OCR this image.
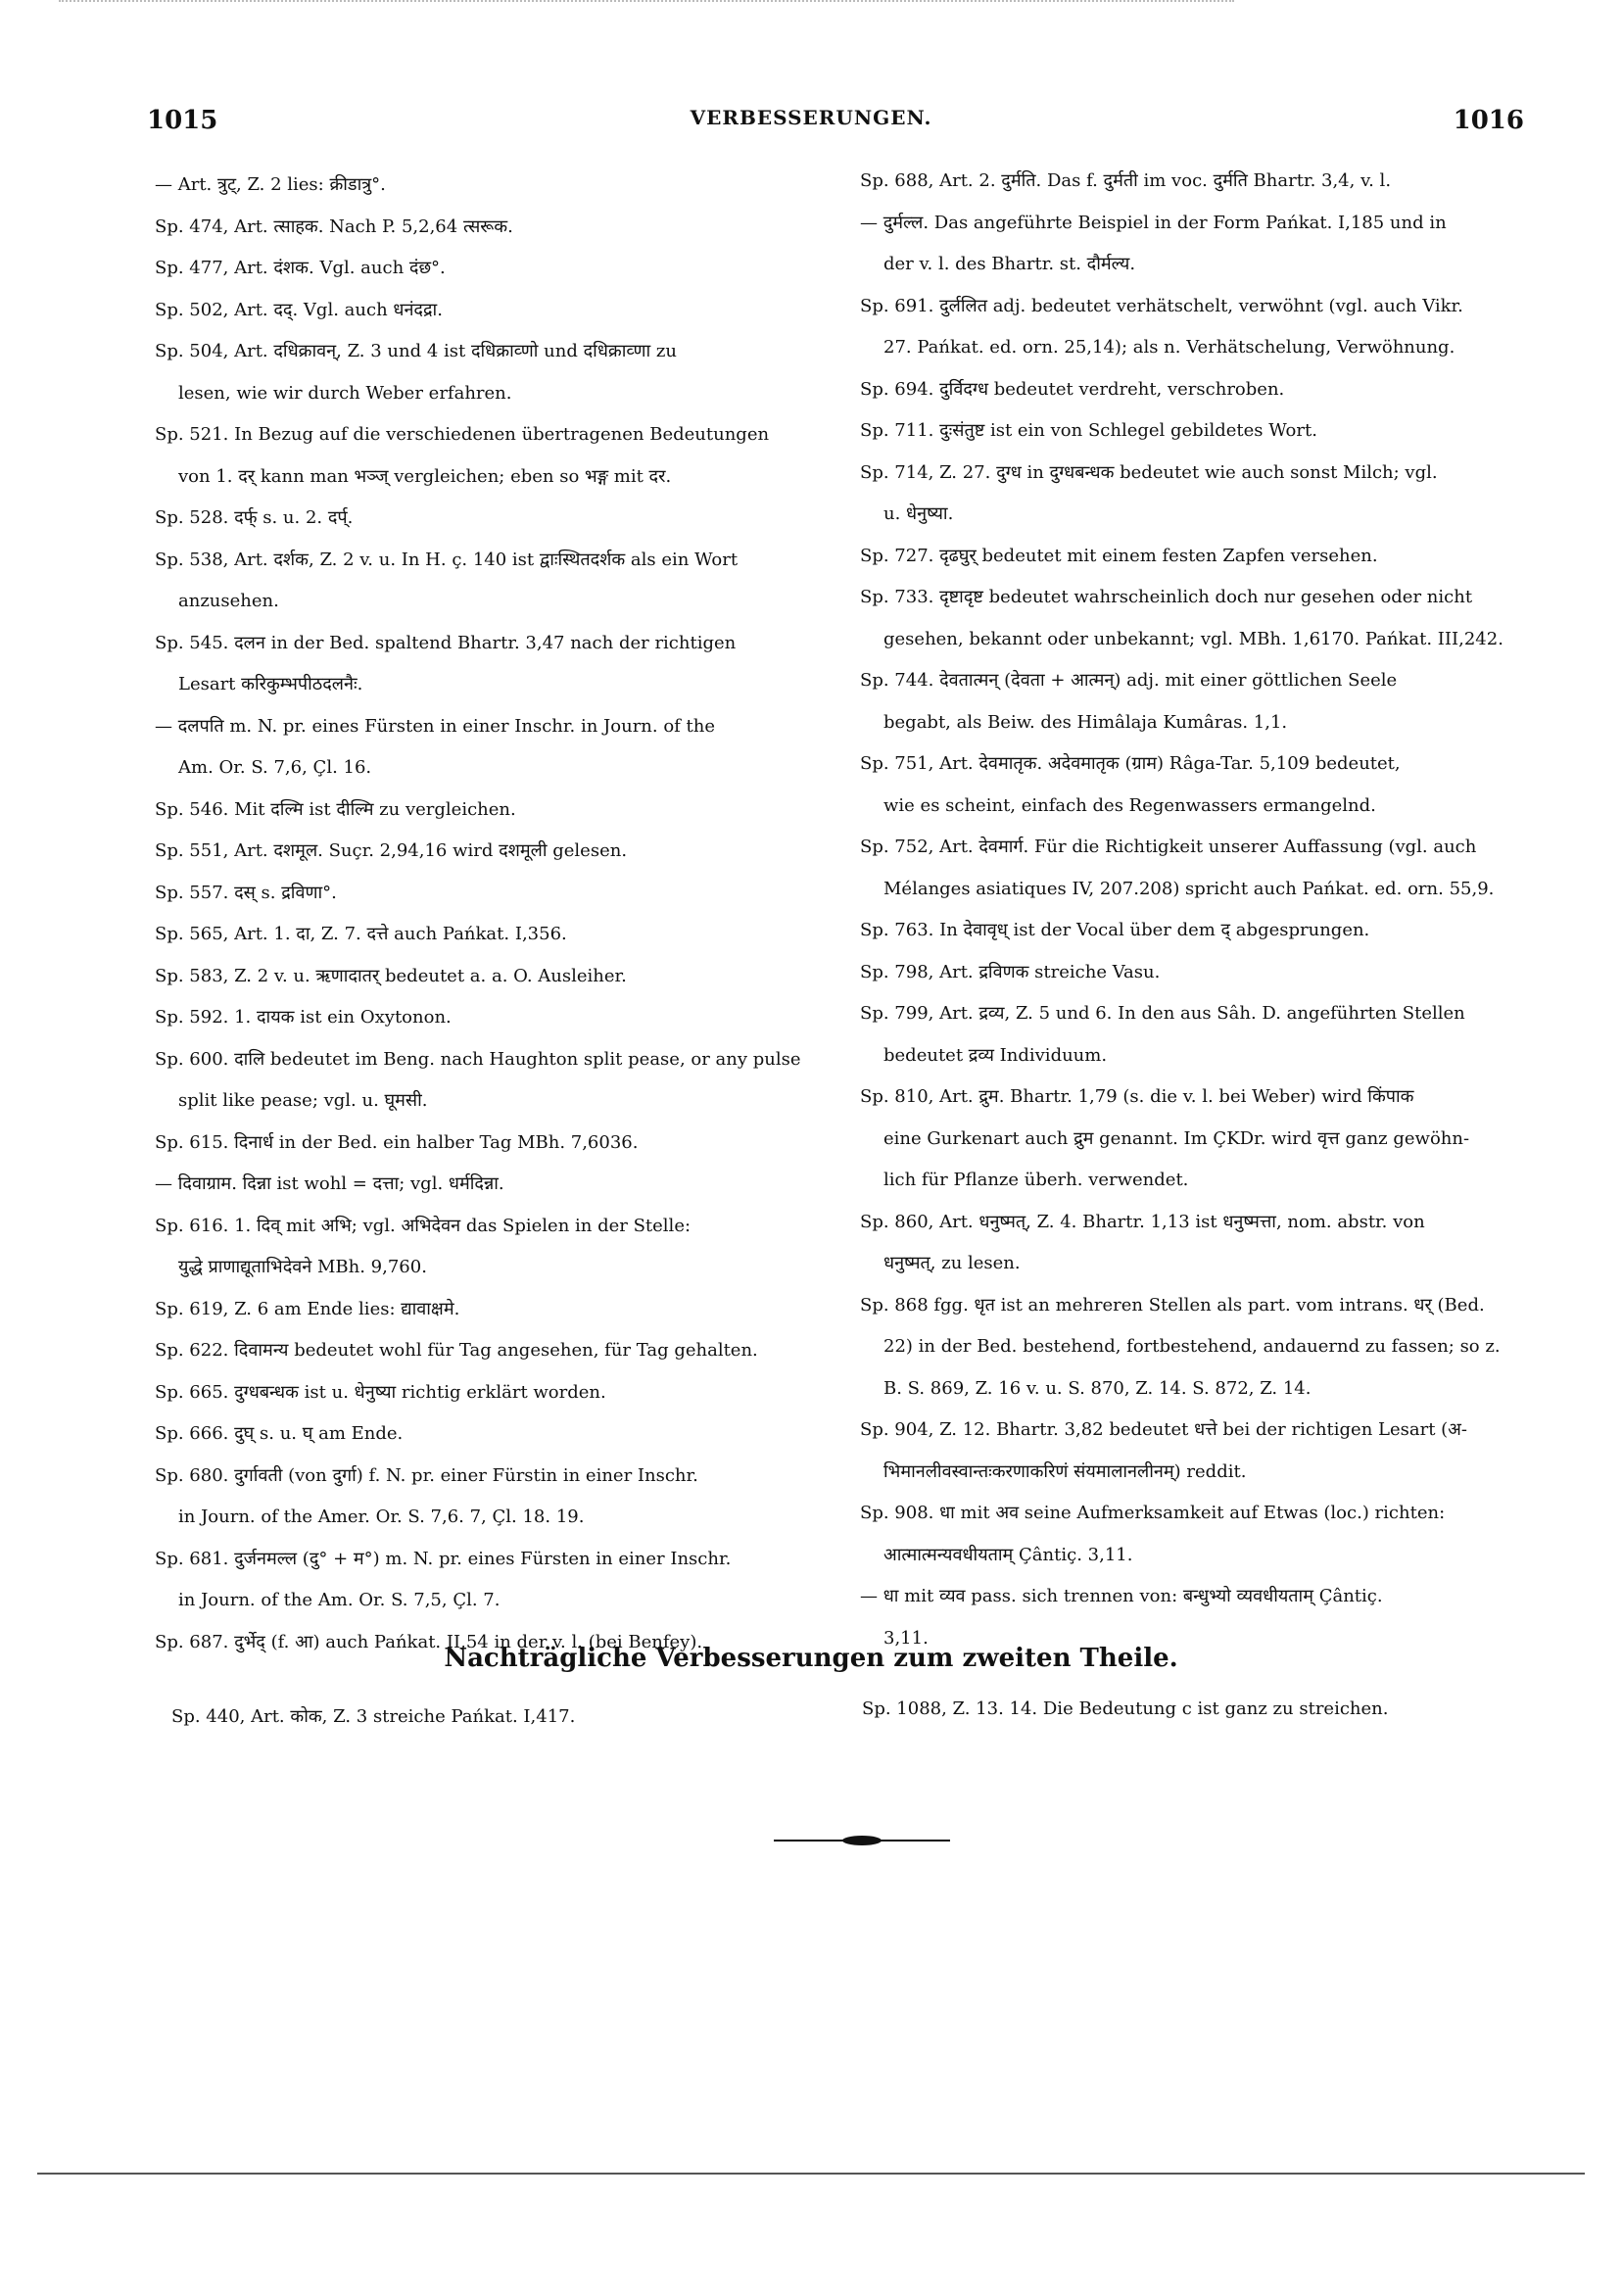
1015	VERBESSERUNGEN.	1016
— Art. त्रुट्, Z. 2 lies: क्रीडात्रु°.
Sp. 474, Art. त्साहक. Nach P. 5,2,64 त्सरूक.
Sp. 477, Art. दंशक. Vgl. auch दंछ°.
Sp. 502, Art. दद्. Vgl. auch धनंदद्रा.
Sp. 504, Art. दधिक्रावन्, Z. 3 und 4 ist दधिक्राव्णो und दधिक्राव्णा zu
lesen, wie wir durch Weber erfahren.
Sp. 521. In Bezug auf die verschiedenen übertragenen Bedeutungen
von 1. दर् kann man भञ्ज् vergleichen; eben so भङ्ग mit दर.
Sp. 528. दर्फ् s. u. 2. दर्प्.
Sp. 538, Art. दर्शक, Z. 2 v. u. In H. ç. 140 ist द्वाःस्थितदर्शक als ein Wort
anzusehen.
Sp. 545. दलन in der Bed. spaltend Bhartr. 3,47 nach der richtigen
Lesart करिकुम्भपीठदलनैः.
— दलपति m. N. pr. eines Fürsten in einer Inschr. in Journ. of the
Am. Or. S. 7,6, Çl. 16.
Sp. 546. Mit दल्मि ist दील्मि zu vergleichen.
Sp. 551, Art. दशमूल. Suçr. 2,94,16 wird दशमूली gelesen.
Sp. 557. दस् s. द्रविणा°.
Sp. 565, Art. 1. दा, Z. 7. दत्ते auch Pańkat. I,356.
Sp. 583, Z. 2 v. u. ऋणादातर् bedeutet a. a. O. Ausleiher.
Sp. 592. 1. दायक ist ein Oxytonon.
Sp. 600. दालि bedeutet im Beng. nach Haughton split pease, or any pulse
split like pease; vgl. u. घूमसी.
Sp. 615. दिनार्ध in der Bed. ein halber Tag MBh. 7,6036.
— दिवाग्राम. दिन्ना ist wohl = दत्ता; vgl. धर्मदिन्ना.
Sp. 616. 1. दिव् mit अभि; vgl. अभिदेवन das Spielen in der Stelle:
युद्धे प्राणाद्यूताभिदेवने MBh. 9,760.
Sp. 619, Z. 6 am Ende lies: द्यावाक्षमे.
Sp. 622. दिवामन्य bedeutet wohl für Tag angesehen, für Tag gehalten.
Sp. 665. दुग्धबन्धक ist u. धेनुष्या richtig erklärt worden.
Sp. 666. दुघ् s. u. घ् am Ende.
Sp. 680. दुर्गावती (von दुर्गा) f. N. pr. einer Fürstin in einer Inschr.
in Journ. of the Amer. Or. S. 7,6. 7, Çl. 18. 19.
Sp. 681. दुर्जनमल्ल (दु° + म°) m. N. pr. eines Fürsten in einer Inschr.
in Journ. of the Am. Or. S. 7,5, Çl. 7.
Sp. 687. दुर्भेद् (f. आ) auch Pańkat. II,54 in der v. l. (bei Benfey).
Sp. 688, Art. 2. दुर्मति. Das f. दुर्मती im voc. दुर्मति Bhartr. 3,4, v. l.
— दुर्मल्ल. Das angeführte Beispiel in der Form Pańkat. I,185 und in
der v. l. des Bhartr. st. दौर्मल्य.
Sp. 691. दुर्ललित adj. bedeutet verhätschelt, verwöhnt (vgl. auch Vikr.
27. Pańkat. ed. orn. 25,14); als n. Verhätschelung, Verwöhnung.
Sp. 694. दुर्विदग्ध bedeutet verdreht, verschroben.
Sp. 711. दुःसंतुष्ट ist ein von Schlegel gebildetes Wort.
Sp. 714, Z. 27. दुग्ध in दुग्धबन्धक bedeutet wie auch sonst Milch; vgl.
u. धेनुष्या.
Sp. 727. दृढघुर् bedeutet mit einem festen Zapfen versehen.
Sp. 733. दृष्टादृष्ट bedeutet wahrscheinlich doch nur gesehen oder nicht
gesehen, bekannt oder unbekannt; vgl. MBh. 1,6170. Pańkat. III,242.
Sp. 744. देवतात्मन् (देवता + आत्मन्) adj. mit einer göttlichen Seele
begabt, als Beiw. des Himâlaja Kumâras. 1,1.
Sp. 751, Art. देवमातृक. अदेवमातृक (ग्राम) Râga-Tar. 5,109 bedeutet,
wie es scheint, einfach des Regenwassers ermangelnd.
Sp. 752, Art. देवमार्ग. Für die Richtigkeit unserer Auffassung (vgl. auch
Mélanges asiatiques IV, 207.208) spricht auch Pańkat. ed. orn. 55,9.
Sp. 763. In देवावृध् ist der Vocal über dem द् abgesprungen.
Sp. 798, Art. द्रविणक streiche Vasu.
Sp. 799, Art. द्रव्य, Z. 5 und 6. In den aus Sâh. D. angeführten Stellen
bedeutet द्रव्य Individuum.
Sp. 810, Art. द्रुम. Bhartr. 1,79 (s. die v. l. bei Weber) wird किंपाक
eine Gurkenart auch द्रुम genannt. Im ÇKDr. wird वृत्त ganz gewöhn-
lich für Pflanze überh. verwendet.
Sp. 860, Art. धनुष्मत्, Z. 4. Bhartr. 1,13 ist धनुष्मत्ता, nom. abstr. von
धनुष्मत्, zu lesen.
Sp. 868 fgg. धृत ist an mehreren Stellen als part. vom intrans. धर् (Bed.
22) in der Bed. bestehend, fortbestehend, andauernd zu fassen; so z.
B. S. 869, Z. 16 v. u. S. 870, Z. 14. S. 872, Z. 14.
Sp. 904, Z. 12. Bhartr. 3,82 bedeutet धत्ते bei der richtigen Lesart (अ-
भिमानलीवस्वान्तःकरणाकरिणं संयमालानलीनम्) reddit.
Sp. 908. धा mit अव seine Aufmerksamkeit auf Etwas (loc.) richten:
आत्मात्मन्यवधीयताम् Çântiç. 3,11.
— धा mit व्यव pass. sich trennen von: बन्धुभ्यो व्यवधीयताम् Çântiç.
3,11.
Nachträgliche Verbesserungen zum zweiten Theile.
Sp. 440, Art. कोक, Z. 3 streiche Pańkat. I,417.	Sp. 1088, Z. 13. 14. Die Bedeutung c ist ganz zu streichen.
